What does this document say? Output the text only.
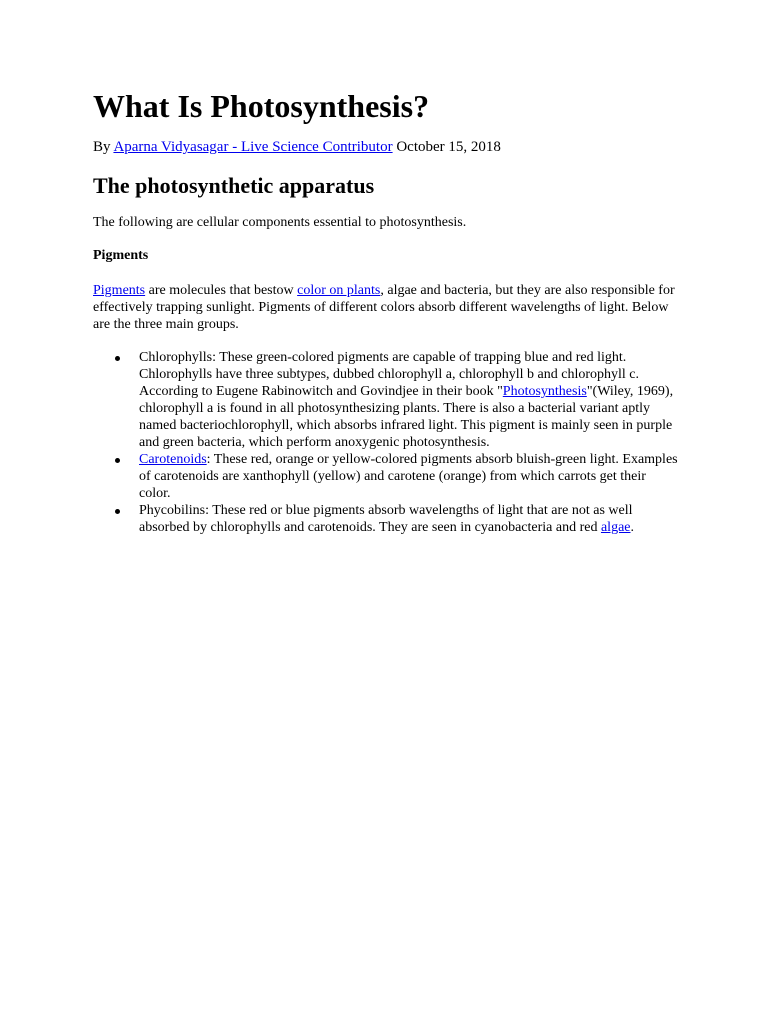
What Is Photosynthesis?

By Aparna Vidyasagar - Live Science Contributor October 15, 2018

The photosynthetic apparatus

The following are cellular components essential to photosynthesis.

Pigments

Pigments are molecules that bestow color on plants, algae and bacteria, but they are also responsible for effectively trapping sunlight. Pigments of different colors absorb different wavelengths of light. Below are the three main groups.

Chlorophylls: These green-colored pigments are capable of trapping blue and red light. Chlorophylls have three subtypes, dubbed chlorophyll a, chlorophyll b and chlorophyll c. According to Eugene Rabinowitch and Govindjee in their book "Photosynthesis"(Wiley, 1969), chlorophyll a is found in all photosynthesizing plants. There is also a bacterial variant aptly named bacteriochlorophyll, which absorbs infrared light. This pigment is mainly seen in purple and green bacteria, which perform anoxygenic photosynthesis.
Carotenoids: These red, orange or yellow-colored pigments absorb bluish-green light. Examples of carotenoids are xanthophyll (yellow) and carotene (orange) from which carrots get their color.
Phycobilins: These red or blue pigments absorb wavelengths of light that are not as well absorbed by chlorophylls and carotenoids. They are seen in cyanobacteria and red algae.
